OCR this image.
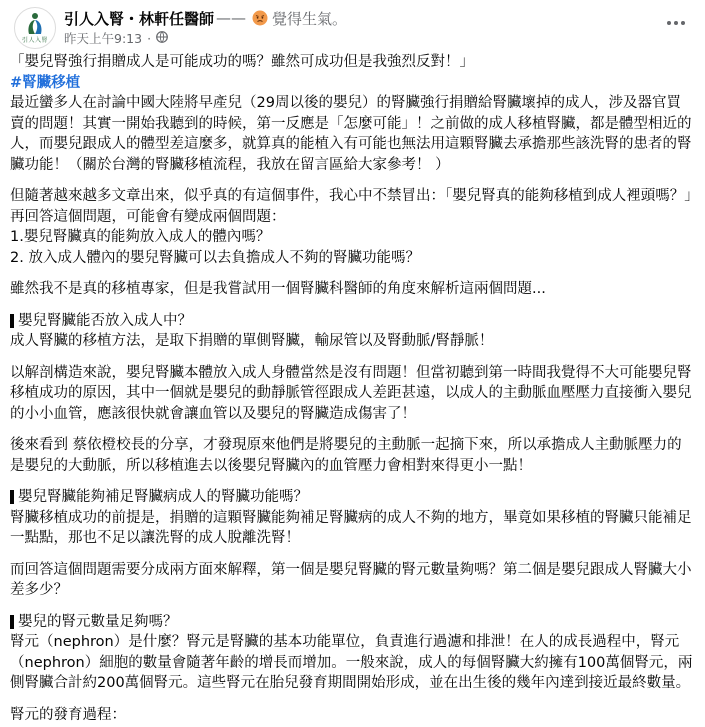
引人入腎
引人入腎・林軒任醫師 —— 覺得生氣。
昨天上午9:13 ·

「嬰兒腎強行捐贈成人是可能成功的嗎？雖然可成功但是我強烈反對！」

#腎臟移植

最近蠻多人在討論中國大陸將早產兒（29周以後的嬰兒）的腎臟強行捐贈給腎臟壞掉的成人，涉及器官買賣的問題！其實一開始我聽到的時候，第一反應是「怎麼可能」！之前做的成人移植腎臟，都是體型相近的人，而嬰兒跟成人的體型差這麼多，就算真的能植入有可能也無法用這顆腎臟去承擔那些該洗腎的患者的腎臟功能！（關於台灣的腎臟移植流程，我放在留言區給大家參考！ ）

但隨著越來越多文章出來，似乎真的有這個事件，我心中不禁冒出：「嬰兒腎真的能夠移植到成人裡頭嗎？」

再回答這個問題，可能會有變成兩個問題：

1.嬰兒腎臟真的能夠放入成人的體內嗎？

2. 放入成人體內的嬰兒腎臟可以去負擔成人不夠的腎臟功能嗎？

雖然我不是真的移植專家，但是我嘗試用一個腎臟科醫師的角度來解析這兩個問題...

嬰兒腎臟能否放入成人中？

成人腎臟的移植方法，是取下捐贈的單側腎臟，輸尿管以及腎動脈/腎靜脈！

以解剖構造來說，嬰兒腎臟本體放入成人身體當然是沒有問題！但當初聽到第一時間我覺得不大可能嬰兒腎移植成功的原因，其中一個就是嬰兒的動靜脈管徑跟成人差距甚遠，以成人的主動脈血壓壓力直接衝入嬰兒的小小血管，應該很快就會讓血管以及嬰兒的腎臟造成傷害了！

後來看到 蔡依橙校長的分享，才發現原來他們是將嬰兒的主動脈一起摘下來，所以承擔成人主動脈壓力的是嬰兒的大動脈，所以移植進去以後嬰兒腎臟內的血管壓力會相對來得更小一點！

嬰兒腎臟能夠補足腎臟病成人的腎臟功能嗎？

腎臟移植成功的前提是，捐贈的這顆腎臟能夠補足腎臟病的成人不夠的地方，畢竟如果移植的腎臟只能補足一點點，那也不足以讓洗腎的成人脫離洗腎！

而回答這個問題需要分成兩方面來解釋，第一個是嬰兒腎臟的腎元數量夠嗎？第二個是嬰兒跟成人腎臟大小差多少？

嬰兒的腎元數量足夠嗎？

腎元（nephron）是什麼？腎元是腎臟的基本功能單位，負責進行過濾和排泄！在人的成長過程中，腎元（nephron）細胞的數量會隨著年齡的增長而增加。一般來說，成人的每個腎臟大約擁有100萬個腎元，兩側腎臟合計約200萬個腎元。這些腎元在胎兒發育期間開始形成，並在出生後的幾年內達到接近最終數量。

腎元的發育過程：
